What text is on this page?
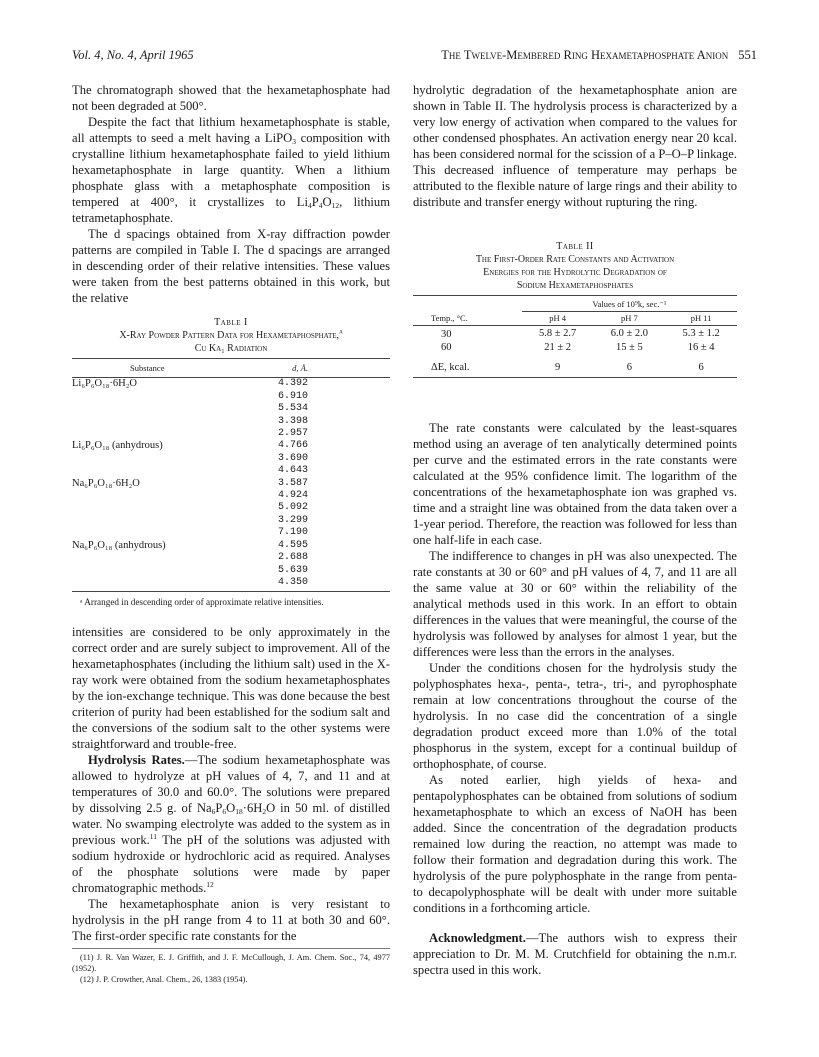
Vol. 4, No. 4, April 1965	The Twelve-Membered Ring Hexametaphosphate Anion 551

The chromatograph showed that the hexametaphosphate had not been degraded at 500°.

Despite the fact that lithium hexametaphosphate is stable, all attempts to seed a melt having a LiPO$_3$ composition with crystalline lithium hexametaphosphate failed to yield lithium hexametaphosphate in large quantity. When a lithium phosphate glass with a metaphosphate composition is tempered at 400°, it crystallizes to $Li_4P_4O_{12}$, lithium tetrametaphosphate.

The d spacings obtained from X-ray diffraction powder patterns are compiled in Table I. The d spacings are arranged in descending order of their relative intensities. These values were taken from the best patterns obtained in this work, but the relative

Table I
X-Ray Powder Pattern Data for Hexametaphosphate,$^a$
Cu Kα₁ Radiation
Substance	d, Å.
Li₆P₆O₁₈·6H₂O	4.392
	6.910
	5.534
	3.398
	2.957
Li₆P₆O₁₈ (anhydrous)	4.766
	3.690
	4.643
Na₆P₆O₁₈·6H₂O	3.587
	4.924
	5.092
	3.299
	7.190
Na₆P₆O₁₈ (anhydrous)	4.595
	2.688
	5.639
	4.350

ᵃ Arranged in descending order of approximate relative intensities.

intensities are considered to be only approximately in the correct order and are surely subject to improvement. All of the hexametaphosphates (including the lithium salt) used in the X-ray work were obtained from the sodium hexametaphosphates by the ion-exchange technique. This was done because the best criterion of purity had been established for the sodium salt and the conversions of the sodium salt to the other systems were straightforward and trouble-free.

Hydrolysis Rates.—The sodium hexametaphosphate was allowed to hydrolyze at pH values of 4, 7, and 11 and at temperatures of 30.0 and 60.0°. The solutions were prepared by dissolving 2.5 g. of $Na_6P_6O_{18}\cdot 6H_2O$ in 50 ml. of distilled water. No swamping electrolyte was added to the system as in previous work.$^{11}$ The pH of the solutions was adjusted with sodium hydroxide or hydrochloric acid as required. Analyses of the phosphate solutions were made by paper chromatographic methods.$^{12}$

The hexametaphosphate anion is very resistant to hydrolysis in the pH range from 4 to 11 at both 30 and 60°. The first-order specific rate constants for the

(11) J. R. Van Wazer, E. J. Griffith, and J. F. McCullough, J. Am. Chem. Soc., 74, 4977 (1952).

(12) J. P. Crowther, Anal. Chem., 26, 1383 (1954).

hydrolytic degradation of the hexametaphosphate anion are shown in Table II. The hydrolysis process is characterized by a very low energy of activation when compared to the values for other condensed phosphates. An activation energy near 20 kcal. has been considered normal for the scission of a P–O–P linkage. This decreased influence of temperature may perhaps be attributed to the flexible nature of large rings and their ability to distribute and transfer energy without rupturing the ring.

Table II
The First-Order Rate Constants and Activation
Energies for the Hydrolytic Degradation of
Sodium Hexametaphosphates
	Values of 10⁹k, sec.⁻¹		
Temp., °C.	pH 4	pH 7	pH 11
30	5.8 ± 2.7	6.0 ± 2.0	5.3 ± 1.2
60	21 ± 2	15 ± 5	16 ± 4
ΔE, kcal.	9	6	6

The rate constants were calculated by the least-squares method using an average of ten analytically determined points per curve and the estimated errors in the rate constants were calculated at the 95% confidence limit. The logarithm of the concentrations of the hexametaphosphate ion was graphed vs. time and a straight line was obtained from the data taken over a 1-year period. Therefore, the reaction was followed for less than one half-life in each case.

The indifference to changes in pH was also unexpected. The rate constants at 30 or 60° and pH values of 4, 7, and 11 are all the same value at 30 or 60° within the reliability of the analytical methods used in this work. In an effort to obtain differences in the values that were meaningful, the course of the hydrolysis was followed by analyses for almost 1 year, but the differences were less than the errors in the analyses.

Under the conditions chosen for the hydrolysis study the polyphosphates hexa-, penta-, tetra-, tri-, and pyrophosphate remain at low concentrations throughout the course of the hydrolysis. In no case did the concentration of a single degradation product exceed more than 1.0% of the total phosphorus in the system, except for a continual buildup of orthophosphate, of course.

As noted earlier, high yields of hexa- and pentapolyphosphates can be obtained from solutions of sodium hexametaphosphate to which an excess of NaOH has been added. Since the concentration of the degradation products remained low during the reaction, no attempt was made to follow their formation and degradation during this work. The hydrolysis of the pure polyphosphate in the range from penta- to decapolyphosphate will be dealt with under more suitable conditions in a forthcoming article.

Acknowledgment.—The authors wish to express their appreciation to Dr. M. M. Crutchfield for obtaining the n.m.r. spectra used in this work.
